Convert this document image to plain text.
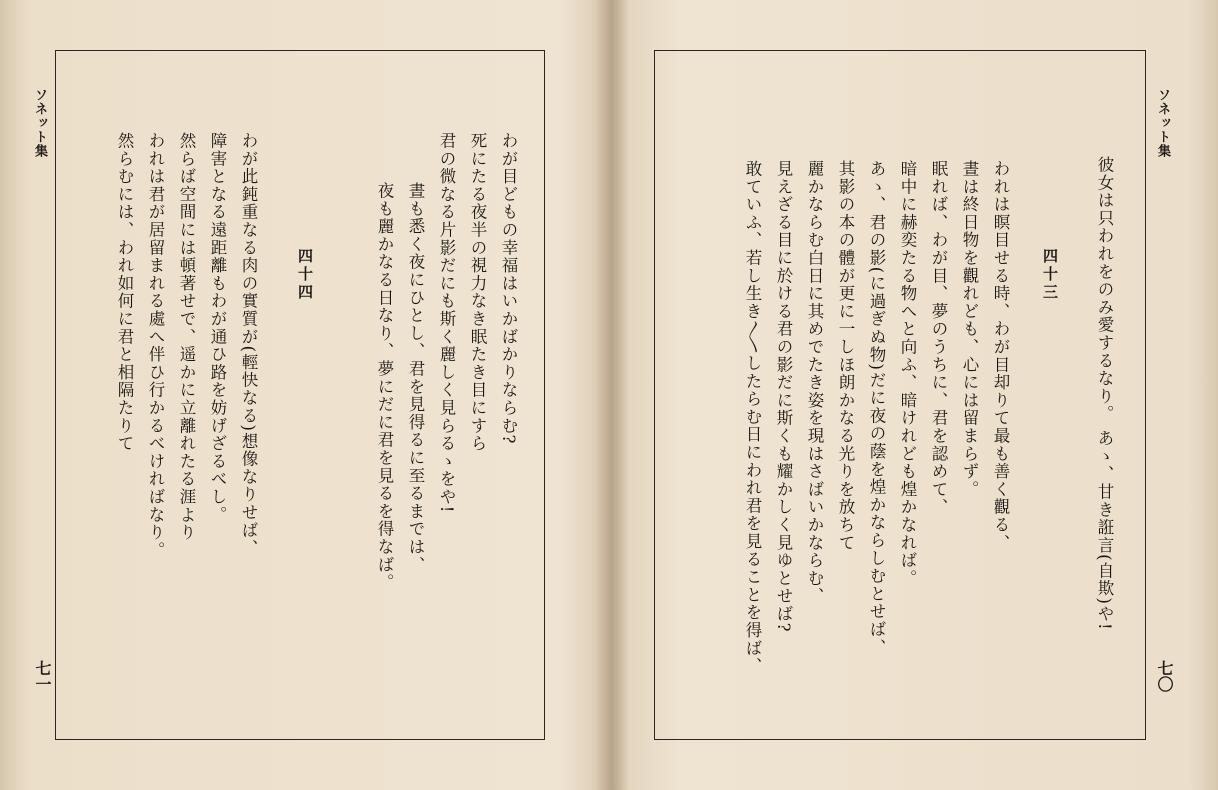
ソネット集
七一
わが目どもの幸福はいかばかりならむ?
死にたる夜半の視力なき眠たき目にすら
君の微なる片影だにも斯く麗しく見らるゝをや!
晝も悉く夜にひとし、君を見得るに至るまでは、
夜も麗かなる日なり、夢にだに君を見るを得なば。
四十四
わが此鈍重なる肉の實質が(輕快なる)想像なりせば、
障害となる遠距離もわが通ひ路を妨げざるべし。
然らば空間には頓著せで、遥かに立離れたる涯より
われは君が居留まれる處へ伴ひ行かるべければなり。
然らむには、われ如何に君と相隔たりて
ソネット集
七〇
彼女は只われをのみ愛するなり。 あゝ、甘き誑言(自欺)や!
四十三
われは瞑目せる時、わが目却りて最も善く觀る、
晝は終日物を觀れども、心には留まらず。
眠れば、わが目、夢のうちに、君を認めて、
暗中に赫奕たる物へと向ふ、暗けれども煌かなれば。
あゝ、君の影(に過ぎぬ物)だに夜の蔭を煌かならしむとせば、
其影の本の體が更に一しほ朗かなる光りを放ちて
麗かならむ白日に其めでたき姿を現はさばいかならむ、
見えざる目に於ける君の影だに斯くも耀かしく見ゆとせば?
敢ていふ、若し生き〳〵したらむ日にわれ君を見ることを得ば、
